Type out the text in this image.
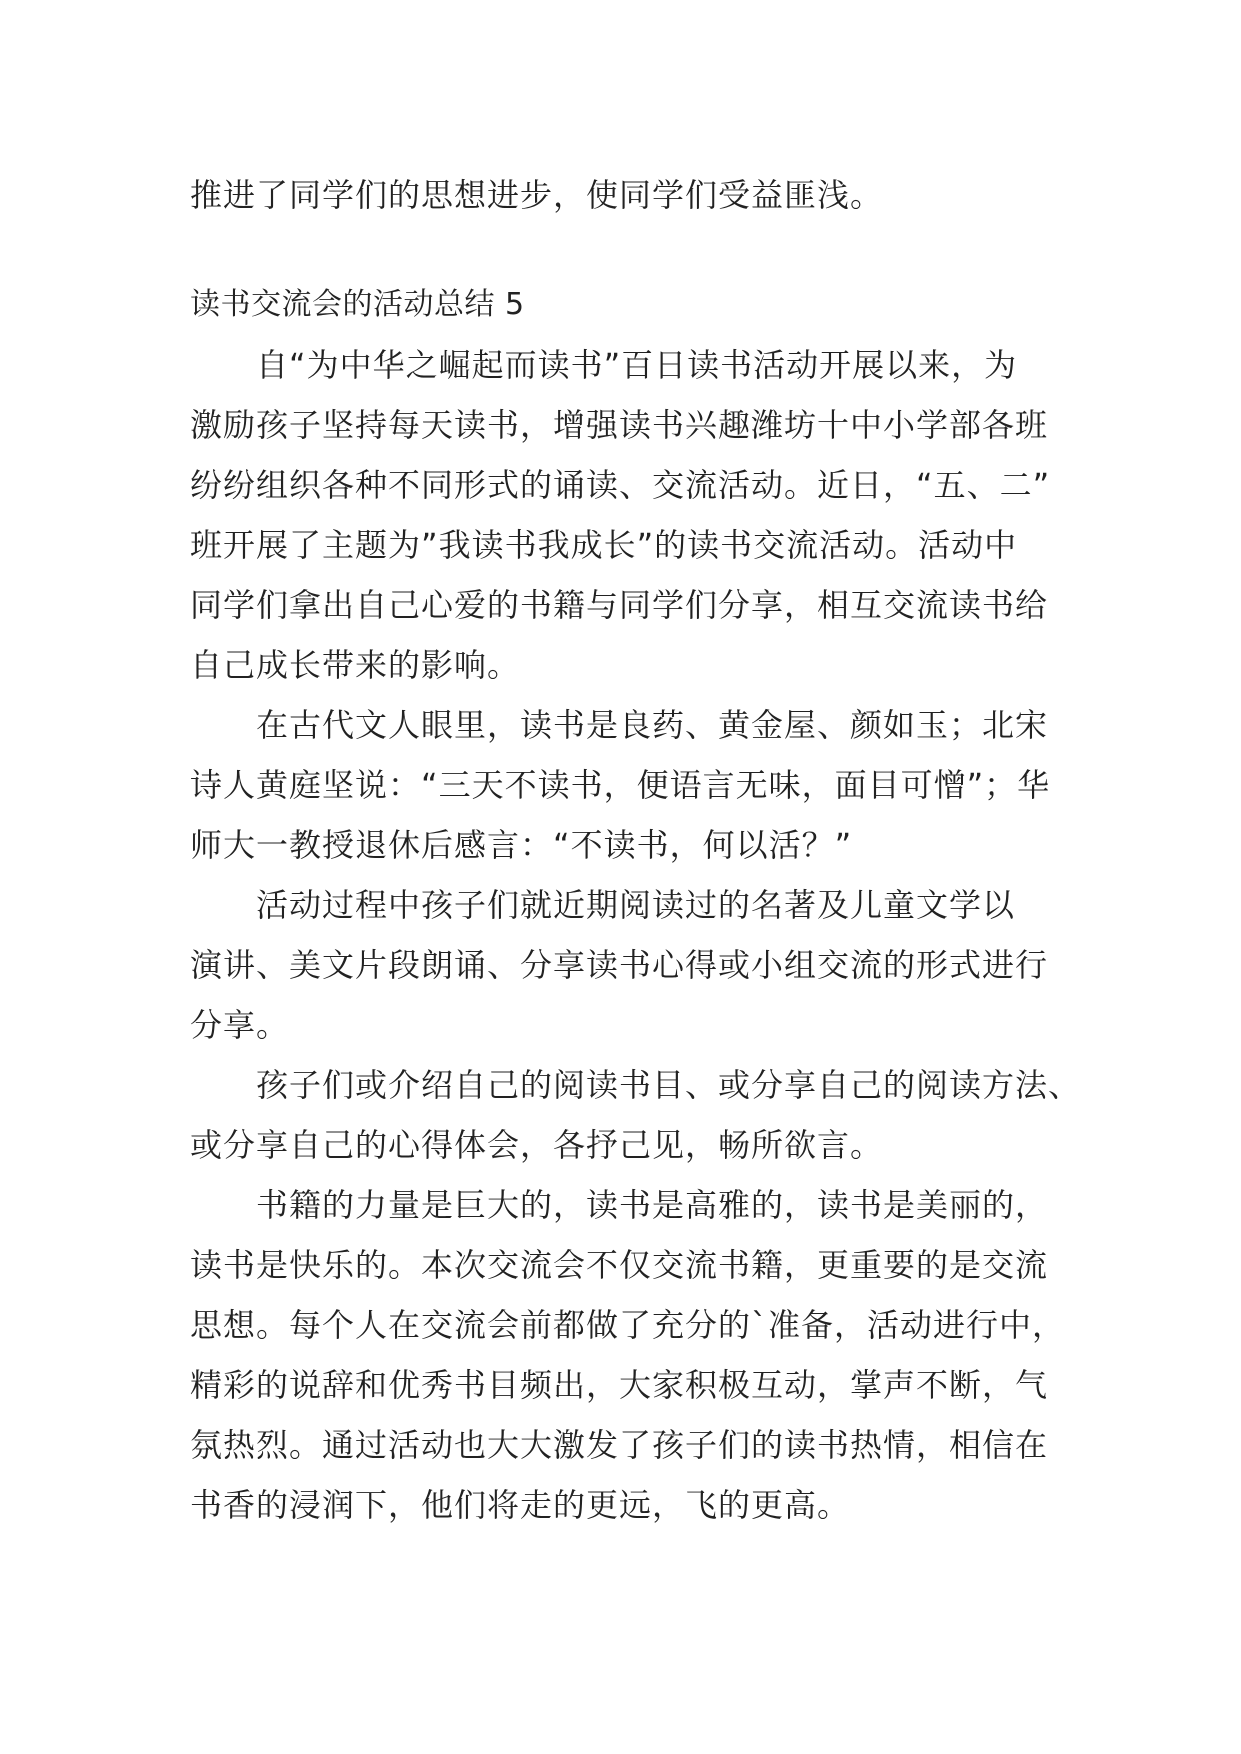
推进了同学们的思想进步，使同学们受益匪浅。
读书交流会的活动总结 5
自“为中华之崛起而读书”百日读书活动开展以来，为
激励孩子坚持每天读书，增强读书兴趣潍坊十中小学部各班
纷纷组织各种不同形式的诵读、交流活动。近日，“五、二”
班开展了主题为”我读书我成长”的读书交流活动。活动中
同学们拿出自己心爱的书籍与同学们分享，相互交流读书给
自己成长带来的影响。
在古代文人眼里，读书是良药、黄金屋、颜如玉；北宋
诗人黄庭坚说：“三天不读书，便语言无味，面目可憎”；华
师大一教授退休后感言：“不读书，何以活？”
活动过程中孩子们就近期阅读过的名著及儿童文学以
演讲、美文片段朗诵、分享读书心得或小组交流的形式进行
分享。
孩子们或介绍自己的阅读书目、或分享自己的阅读方法、
或分享自己的心得体会，各抒己见，畅所欲言。
书籍的力量是巨大的，读书是高雅的，读书是美丽的，
读书是快乐的。本次交流会不仅交流书籍，更重要的是交流
思想。每个人在交流会前都做了充分的`准备，活动进行中，
精彩的说辞和优秀书目频出，大家积极互动，掌声不断，气
氛热烈。通过活动也大大激发了孩子们的读书热情，相信在
书香的浸润下，他们将走的更远，飞的更高。
